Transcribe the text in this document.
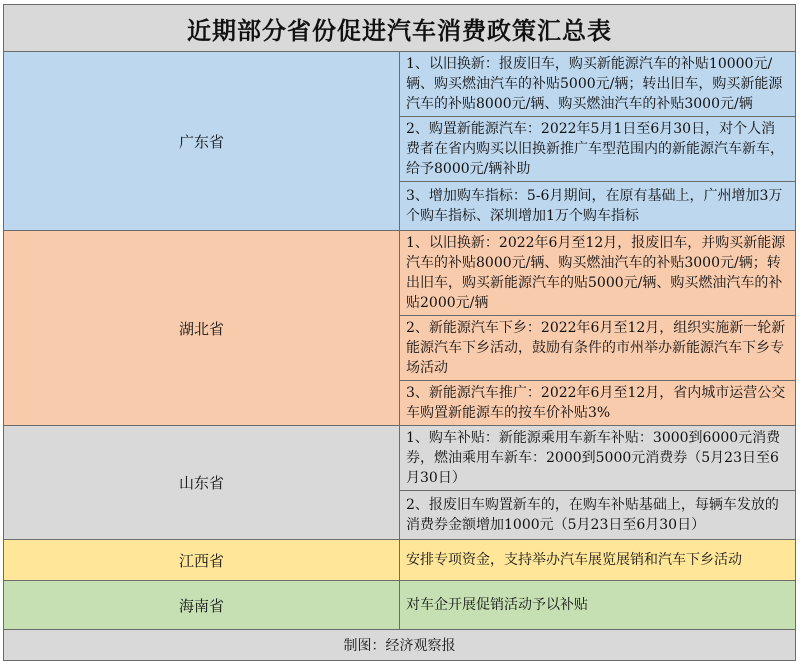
近期部分省份促进汽车消费政策汇总表	
广东省	1、以旧换新：报废旧车，购买新能源汽车的补贴10000元/辆、购买燃油汽车的补贴5000元/辆；转出旧车，购买新能源汽车的补贴8000元/辆、购买燃油汽车的补贴3000元/辆
	2、购置新能源汽车：2022年5月1日至6月30日，对个人消费者在省内购买以旧换新推广车型范围内的新能源汽车新车，给予8000元/辆补助
	3、增加购车指标：5-6月期间，在原有基础上，广州增加3万个购车指标、深圳增加1万个购车指标
湖北省	1、以旧换新：2022年6月至12月，报废旧车，并购买新能源汽车的补贴8000元/辆、购买燃油汽车的补贴3000元/辆；转出旧车，购买新能源汽车的贴5000元/辆、购买燃油汽车的补贴2000元/辆
	2、新能源汽车下乡：2022年6月至12月，组织实施新一轮新能源汽车下乡活动，鼓励有条件的市州举办新能源汽车下乡专场活动
	3、新能源汽车推广：2022年6月至12月，省内城市运营公交车购置新能源车的按车价补贴3%
山东省	1、购车补贴：新能源乘用车新车补贴：3000到6000元消费券，燃油乘用车新车：2000到5000元消费券（5月23日至6月30日）
	2、报废旧车购置新车的，在购车补贴基础上，每辆车发放的消费券金额增加1000元（5月23日至6月30日）
江西省	安排专项资金，支持举办汽车展览展销和汽车下乡活动
海南省	对车企开展促销活动予以补贴
制图：经济观察报	
